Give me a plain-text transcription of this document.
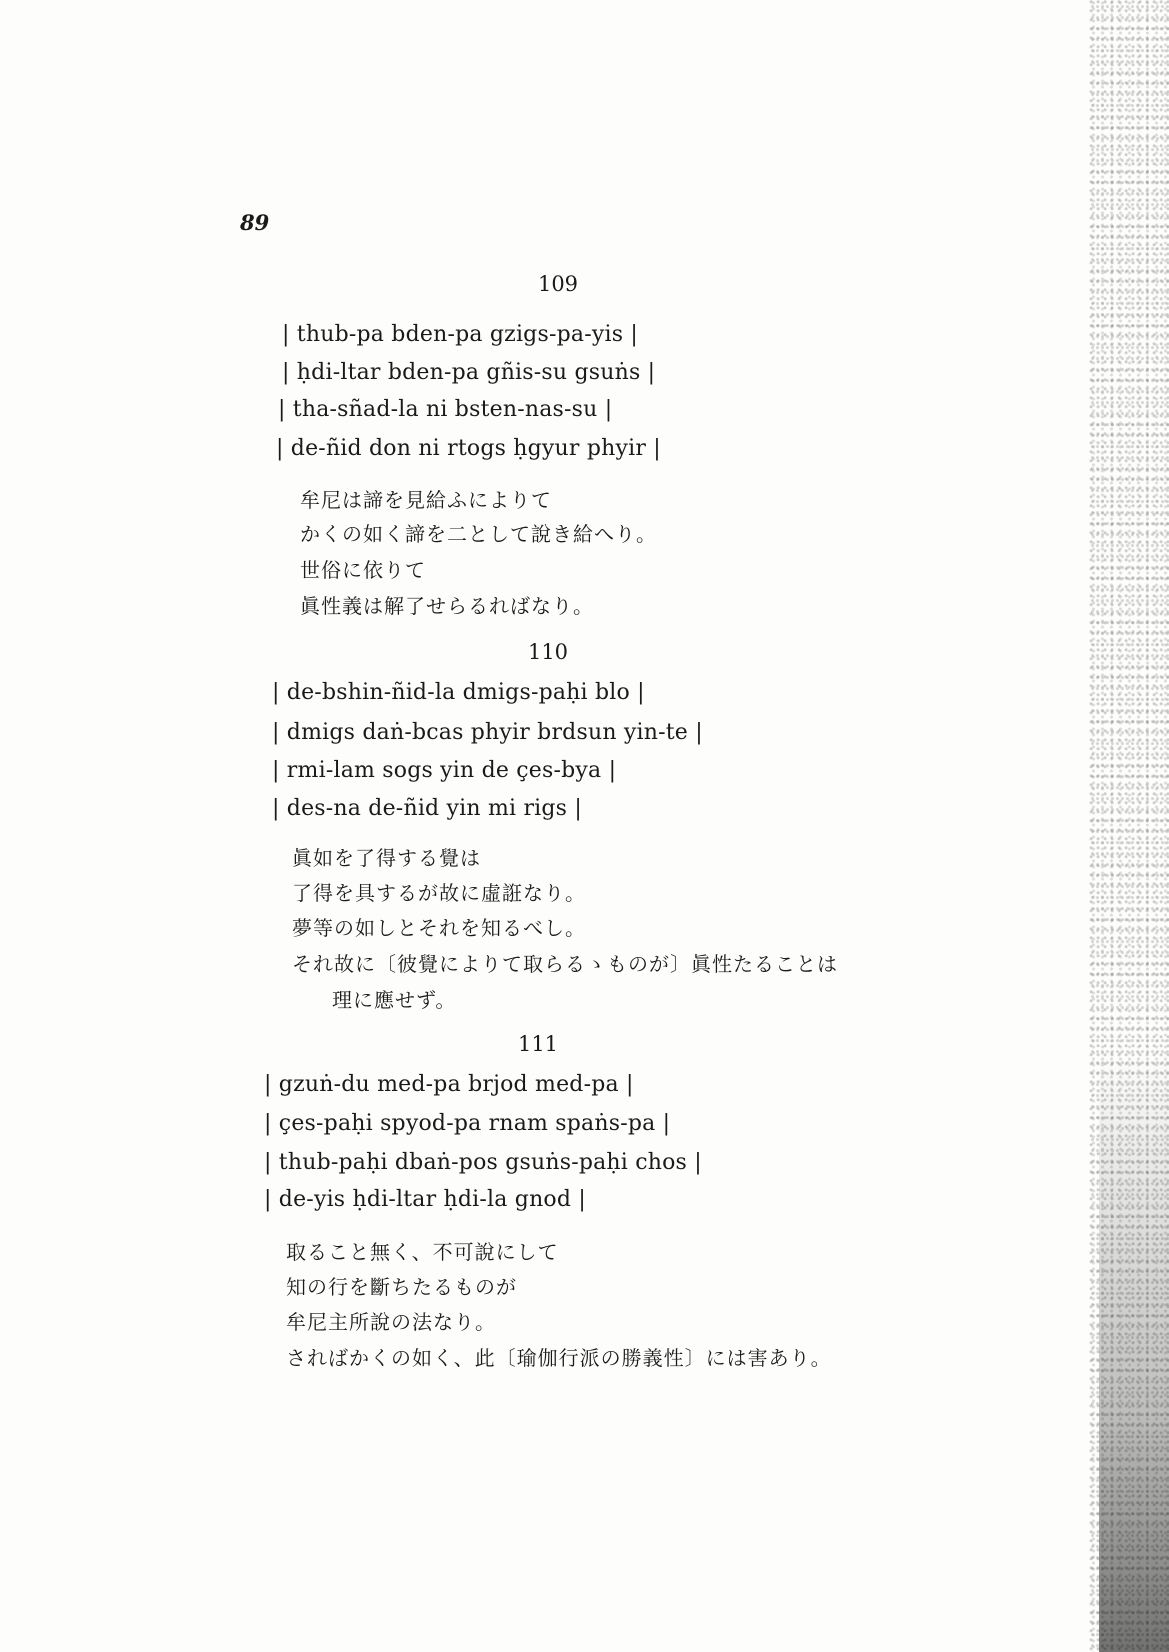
89
109
| thub-pa bden-pa gzigs-pa-yis |
| ḥdi-ltar bden-pa gñis-su gsuṅs |
| tha-sñad-la ni bsten-nas-su |
| de-ñid don ni rtogs ḥgyur phyir |
牟尼は諦を見給ふによりて
かくの如く諦を二として說き給へり。
世俗に依りて
眞性義は解了せらるればなり。
110
| de-bshin-ñid-la dmigs-paḥi blo |
| dmigs daṅ-bcas phyir brdsun yin-te |
| rmi-lam sogs yin de çes-bya |
| des-na de-ñid yin mi rigs |
眞如を了得する覺は
了得を具するが故に虛誑なり。
夢等の如しとそれを知るべし。
それ故に〔彼覺によりて取らるゝものが〕眞性たることは
理に應せず。
111
| gzuṅ-du med-pa brjod med-pa |
| çes-paḥi spyod-pa rnam spaṅs-pa |
| thub-paḥi dbaṅ-pos gsuṅs-paḥi chos |
| de-yis ḥdi-ltar ḥdi-la gnod |
取ること無く、不可說にして
知の行を斷ちたるものが
牟尼主所說の法なり。
さればかくの如く、此〔瑜伽行派の勝義性〕には害あり。
